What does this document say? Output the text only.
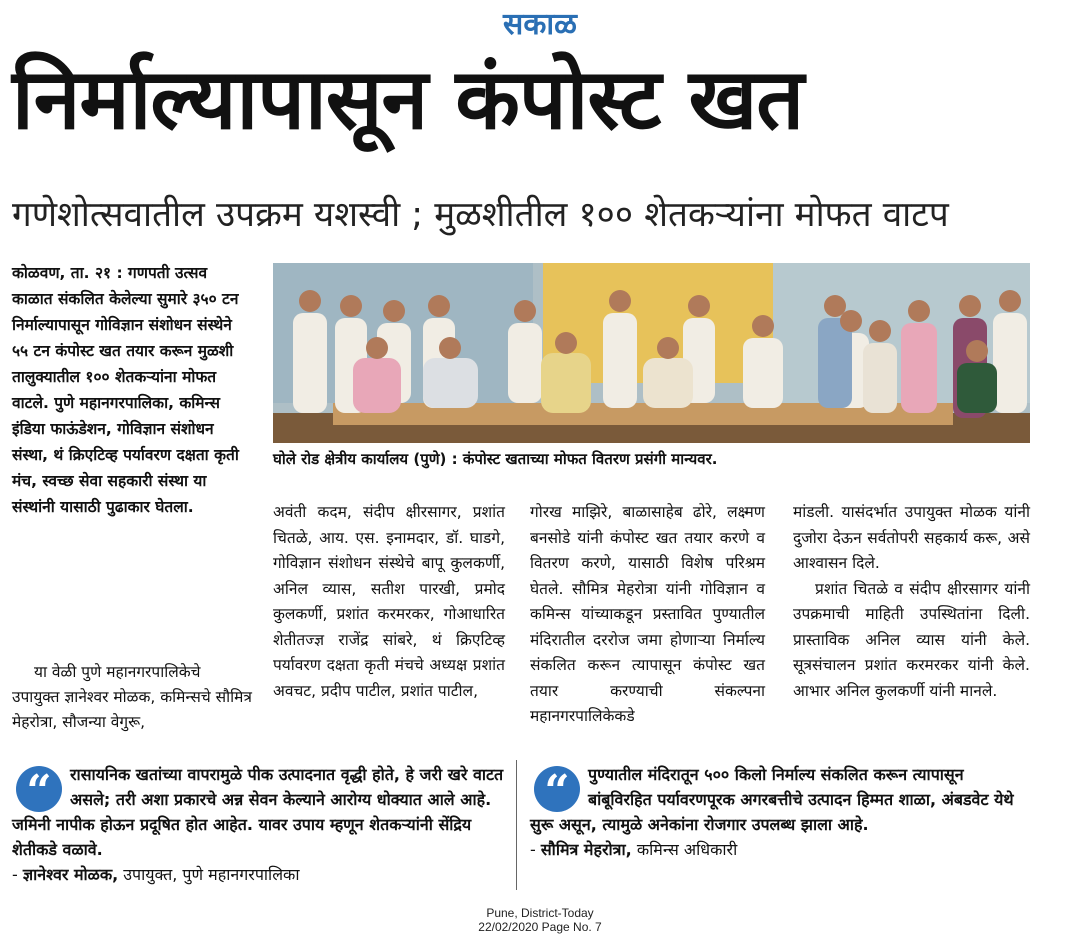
सकाळ
निर्माल्यापासून कंपोस्ट खत
गणेशोत्सवातील उपक्रम यशस्वी ; मुळशीतील १०० शेतकऱ्यांना मोफत वाटप
कोळवण, ता. २१ : गणपती उत्सव काळात संकलित केलेल्या सुमारे ३५० टन निर्माल्यापासून गोविज्ञान संशोधन संस्थेने ५५ टन कंपोस्ट खत तयार करून मुळशी तालुक्यातील १०० शेतकऱ्यांना मोफत वाटले. पुणे महानगरपालिका, कमिन्स इंडिया फाऊंडेशन, गोविज्ञान संशोधन संस्था, थं क्रिएटिव्ह पर्यावरण दक्षता कृती मंच, स्वच्छ सेवा सहकारी संस्था या संस्थांनी यासाठी पुढाकार घेतला.
या वेळी पुणे महानगरपालिकेचे उपायुक्त ज्ञानेश्वर मोळक, कमिन्सचे सौमित्र मेहरोत्रा, सौजन्या वेगुरू,
घोले रोड क्षेत्रीय कार्यालय (पुणे) : कंपोस्ट खताच्या मोफत वितरण प्रसंगी मान्यवर.
अवंती कदम, संदीप क्षीरसागर, प्रशांत चितळे, आय. एस. इनामदार, डॉ. घाडगे, गोविज्ञान संशोधन संस्थेचे बापू कुलकर्णी, अनिल व्यास, सतीश पारखी, प्रमोद कुलकर्णी, प्रशांत करमरकर, गोआधारित शेतीतज्ज्ञ राजेंद्र सांबरे, थं क्रिएटिव्ह पर्यावरण दक्षता कृती मंचचे अध्यक्ष प्रशांत अवचट, प्रदीप पाटील, प्रशांत पाटील,
गोरख माझिरे, बाळासाहेब ढोरे, लक्ष्मण बनसोडे यांनी कंपोस्ट खत तयार करणे व वितरण करणे, यासाठी विशेष परिश्रम घेतले. सौमित्र मेहरोत्रा यांनी गोविज्ञान व कमिन्स यांच्याकडून प्रस्तावित पुण्यातील मंदिरातील दररोज जमा होणाऱ्या निर्माल्य संकलित करून त्यापासून कंपोस्ट खत तयार करण्याची संकल्पना महानगरपालिकेकडे
मांडली. यासंदर्भात उपायुक्त मोळक यांनी दुजोरा देऊन सर्वतोपरी सहकार्य करू, असे आश्वासन दिले.
प्रशांत चितळे व संदीप क्षीरसागर यांनी उपक्रमाची माहिती उपस्थितांना दिली. प्रास्ताविक अनिल व्यास यांनी केले. सूत्रसंचालन प्रशांत करमरकर यांनी केले. आभार अनिल कुलकर्णी यांनी मानले.
“	रासायनिक खतांच्या वापरामुळे पीक उत्पादनात वृद्धी होते, हे जरी खरे वाटत असले; तरी अशा प्रकारचे अन्न सेवन केल्याने आरोग्य धोक्यात आले आहे. जमिनी नापीक होऊन प्रदूषित होत आहेत. यावर उपाय म्हणून शेतकऱ्यांनी सेंद्रिय शेतीकडे वळावे.
- ज्ञानेश्वर मोळक, उपायुक्त, पुणे महानगरपालिका
“	पुण्यातील मंदिरातून ५०० किलो निर्माल्य संकलित करून त्यापासून बांबूविरहित पर्यावरणपूरक अगरबत्तीचे उत्पादन हिम्मत शाळा, अंबडवेट येथे सुरू असून, त्यामुळे अनेकांना रोजगार उपलब्ध झाला आहे.
- सौमित्र मेहरोत्रा, कमिन्स अधिकारी
Pune, District-Today
22/02/2020 Page No. 7
